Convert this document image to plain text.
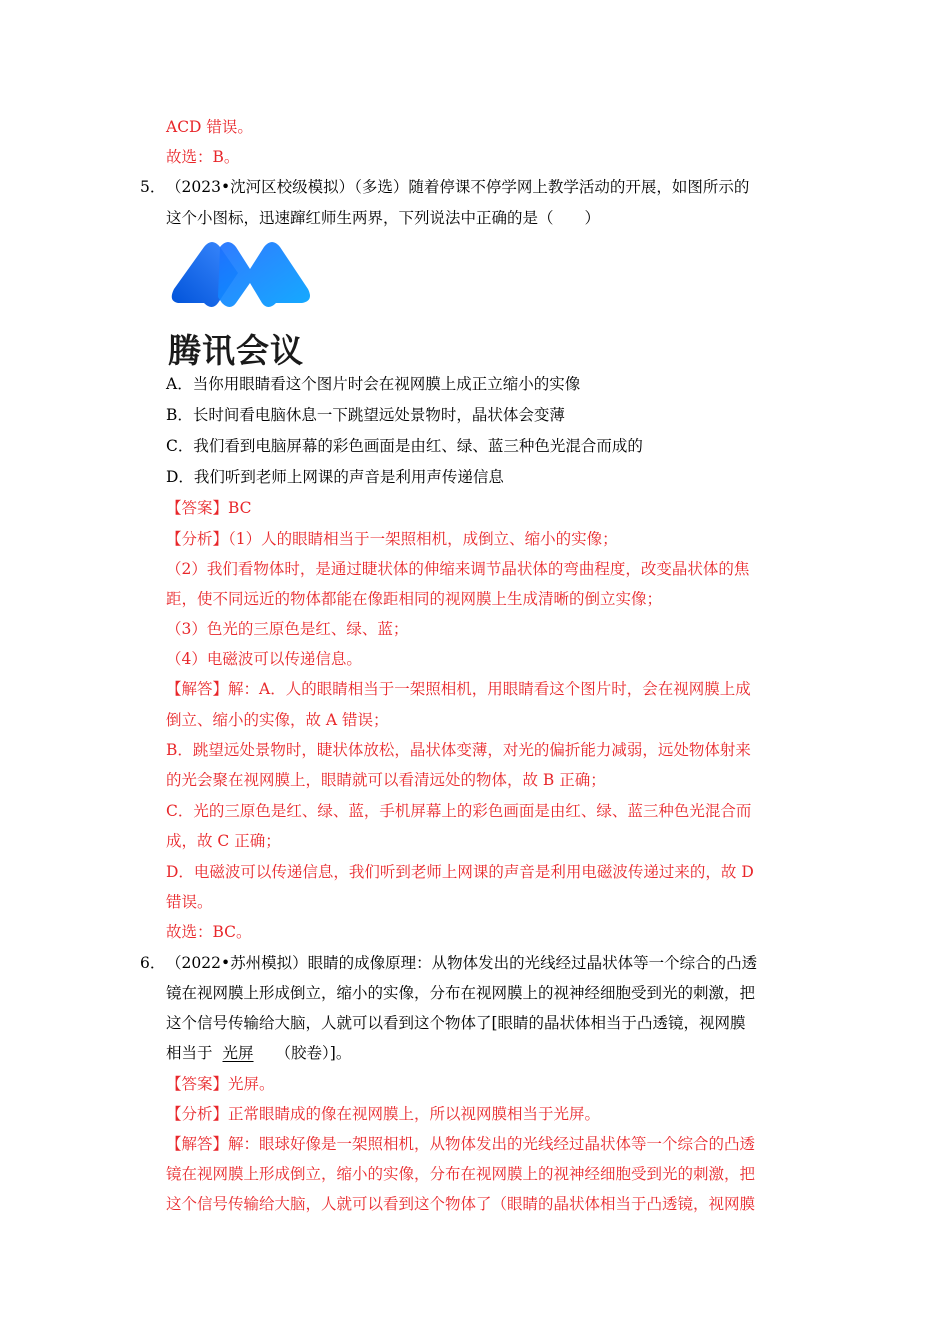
ACD 错误。
故选：B。
5． （2023•沈河区校级模拟）（多选）随着停课不停学网上教学活动的开展，如图所示的
这个小图标，迅速蹿红师生两界，下列说法中正确的是（　　）
腾讯会议
A．当你用眼睛看这个图片时会在视网膜上成正立缩小的实像
B．长时间看电脑休息一下跳望远处景物时，晶状体会变薄
C．我们看到电脑屏幕的彩色画面是由红、绿、蓝三种色光混合而成的
D．我们听到老师上网课的声音是利用声传递信息
【答案】BC
【分析】（1）人的眼睛相当于一架照相机，成倒立、缩小的实像；
（2）我们看物体时，是通过睫状体的伸缩来调节晶状体的弯曲程度，改变晶状体的焦
距，使不同远近的物体都能在像距相同的视网膜上生成清晰的倒立实像；
（3）色光的三原色是红、绿、蓝；
（4）电磁波可以传递信息。
【解答】解：A．人的眼睛相当于一架照相机，用眼睛看这个图片时，会在视网膜上成
倒立、缩小的实像，故 A 错误；
B．跳望远处景物时，睫状体放松，晶状体变薄，对光的偏折能力减弱，远处物体射来
的光会聚在视网膜上，眼睛就可以看清远处的物体，故 B 正确；
C．光的三原色是红、绿、蓝，手机屏幕上的彩色画面是由红、绿、蓝三种色光混合而
成，故 C 正确；
D．电磁波可以传递信息，我们听到老师上网课的声音是利用电磁波传递过来的，故 D
错误。
故选：BC。
6． （2022•苏州模拟）眼睛的成像原理：从物体发出的光线经过晶状体等一个综合的凸透
镜在视网膜上形成倒立，缩小的实像，分布在视网膜上的视神经细胞受到光的刺激，把
这个信号传输给大脑，人就可以看到这个物体了[眼睛的晶状体相当于凸透镜，视网膜
相当于 光屏 （胶卷）]。
【答案】光屏。
【分析】正常眼睛成的像在视网膜上，所以视网膜相当于光屏。
【解答】解：眼球好像是一架照相机，从物体发出的光线经过晶状体等一个综合的凸透
镜在视网膜上形成倒立，缩小的实像，分布在视网膜上的视神经细胞受到光的刺激，把
这个信号传输给大脑，人就可以看到这个物体了（眼睛的晶状体相当于凸透镜，视网膜
